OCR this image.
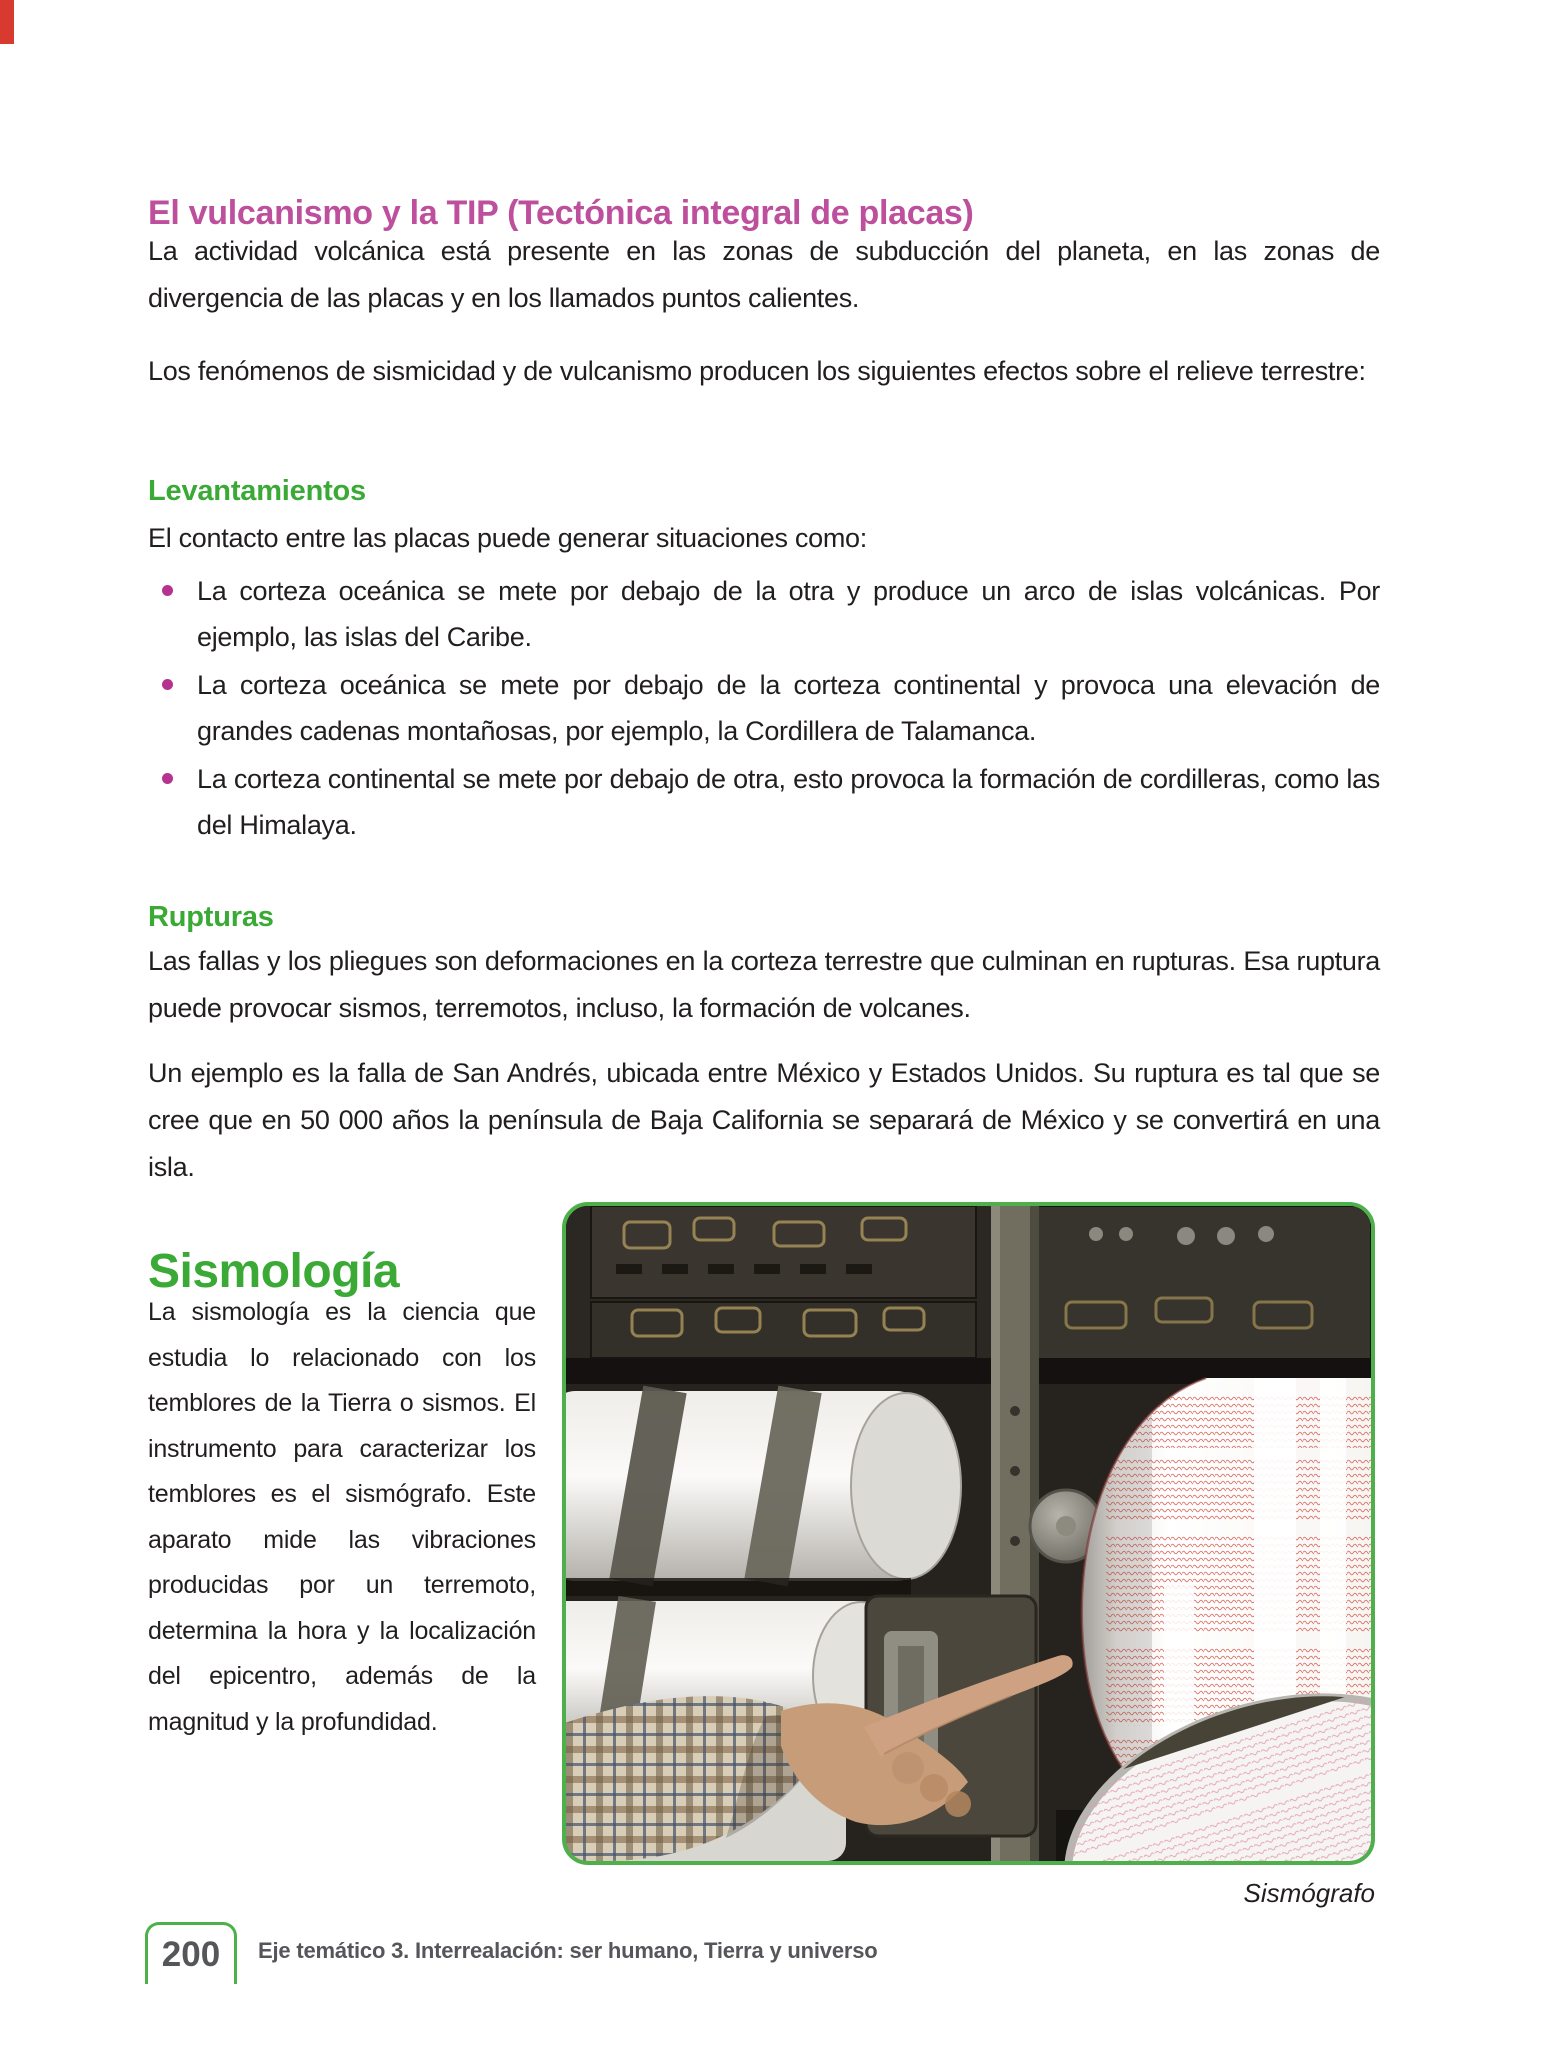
El vulcanismo y la TIP (Tectónica integral de placas)

La actividad volcánica está presente en las zonas de subducción del planeta, en las zonas de divergencia de las placas y en los llamados puntos calientes.

Los fenómenos de sismicidad y de vulcanismo producen los siguientes efectos sobre el relieve terrestre:

Levantamientos

El contacto entre las placas puede generar situaciones como:

La corteza oceánica se mete por debajo de la otra y produce un arco de islas volcánicas. Por ejemplo, las islas del Caribe.

La corteza oceánica se mete por debajo de la corteza continental y provoca una elevación de grandes cadenas montañosas, por ejemplo, la Cordillera de Talamanca.

La corteza continental se mete por debajo de otra, esto provoca la formación de cordilleras, como las del Himalaya.

Rupturas

Las fallas y los pliegues son deformaciones en la corteza terrestre que culminan en rupturas. Esa ruptura puede provocar sismos, terremotos, incluso, la formación de volcanes.

Un ejemplo es la falla de San Andrés, ubicada entre México y Estados Unidos. Su ruptura es tal que se cree que en 50 000 años la península de Baja California se separará de México y se convertirá en una isla.

Sismología

La sismología es la ciencia que estudia lo relacionado con los temblores de la Tierra o sismos. El instrumento para caracterizar los temblores es el sismógrafo. Este aparato mide las vibraciones producidas por un terremoto, determina la hora y la localización del epicentro, además de la magnitud y la profundidad.

Sismógrafo
200 Eje temático 3. Interrealación: ser humano, Tierra y universo
